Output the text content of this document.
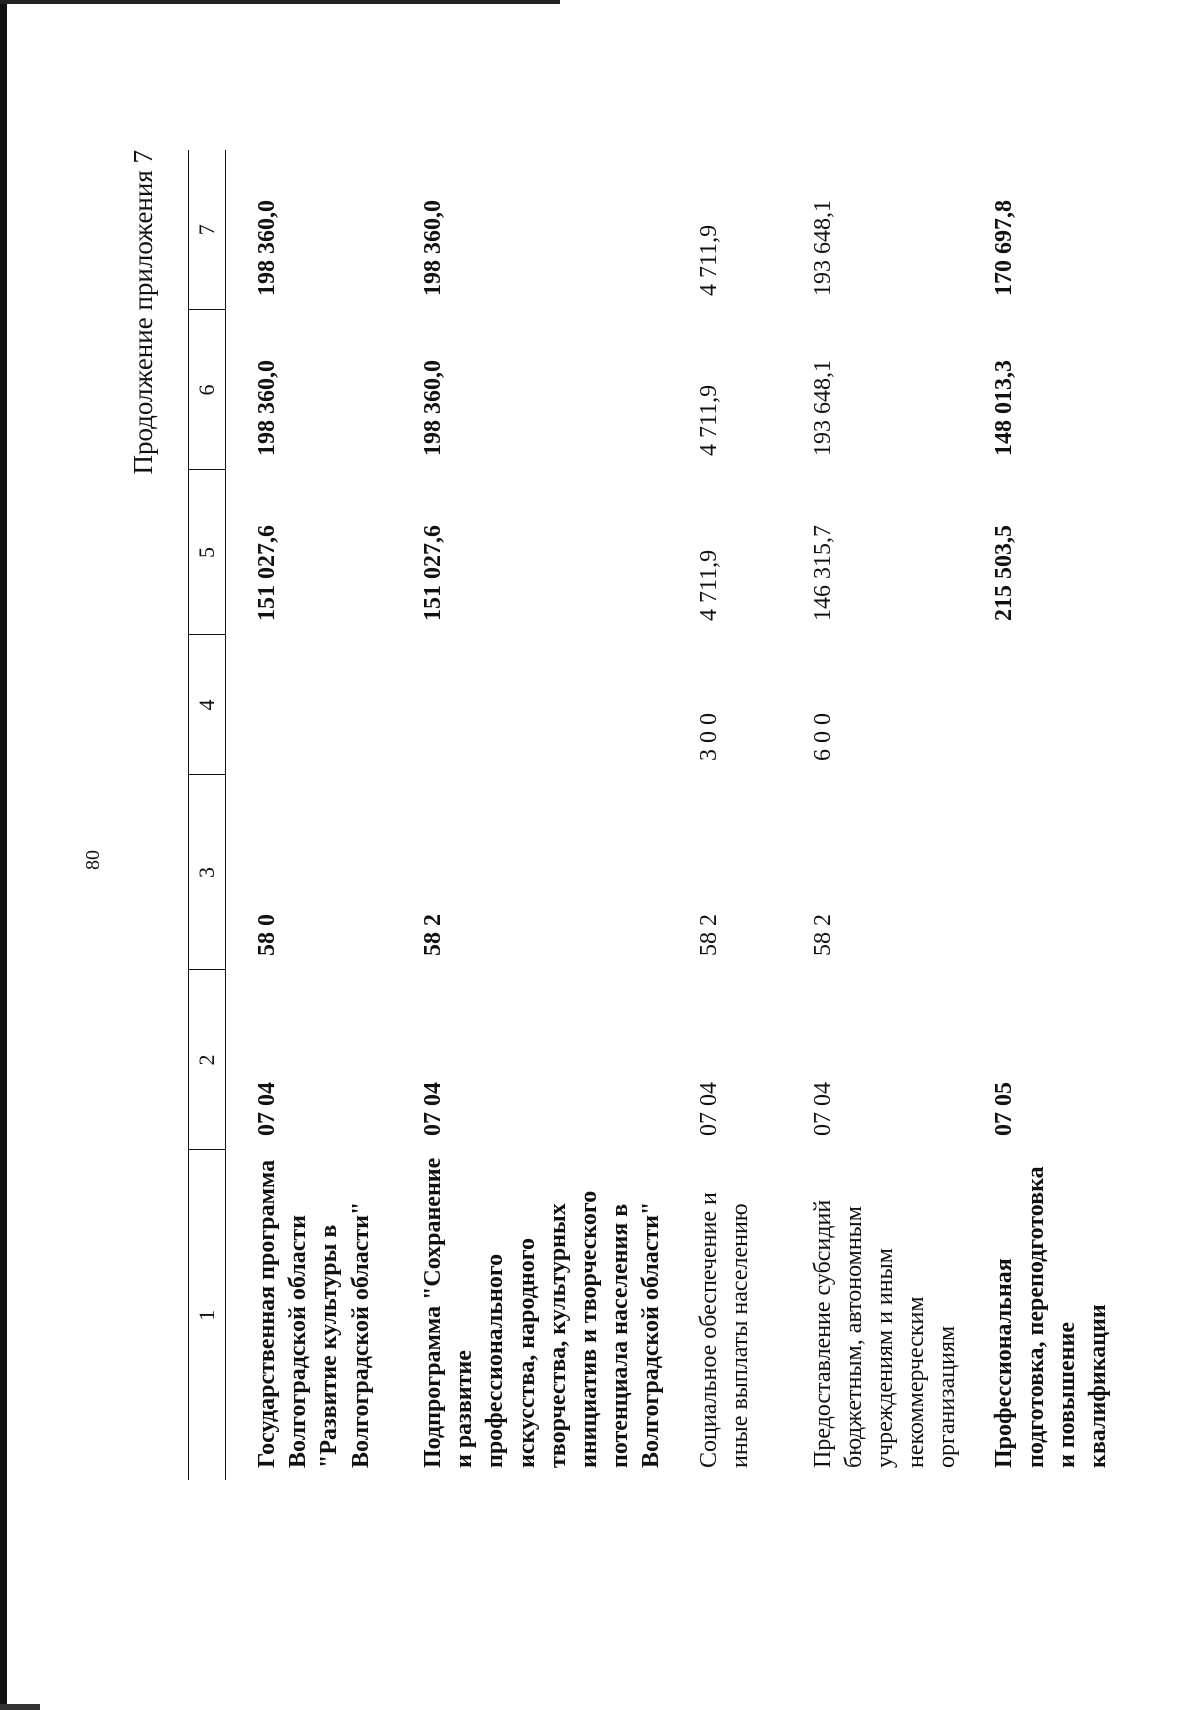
80
Продолжение приложения 7
1	2	3	4	5	6	7
Государственная программа Волгоградской области "Развитие культуры в Волгоградской области"	07 04	58 0		151 027,6	198 360,0	198 360,0
Подпрограмма "Сохранение и развитие профессионального искусства, народного творчества, культурных инициатив и творческого потенциала населения в Волгоградской области"	07 04	58 2		151 027,6	198 360,0	198 360,0
Социальное обеспечение и иные выплаты населению	07 04	58 2	300	4 711,9	4 711,9	4 711,9
Предоставление субсидий бюджетным, автономным учреждениям и иным некоммерческим организациям	07 04	58 2	600	146 315,7	193 648,1	193 648,1
Профессиональная подготовка, переподготовка и повышение квалификации	07 05			215 503,5	148 013,3	170 697,8
